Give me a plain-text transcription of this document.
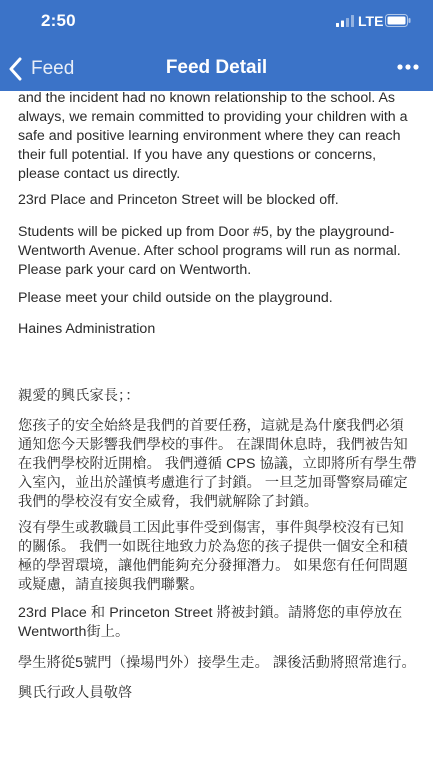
2:50	LTE
Feed	Feed Detail

and the incident had no known relationship to the school. As always, we remain committed to providing your children with a safe and positive learning environment where they can reach their full potential. If you have any questions or concerns, please contact us directly.

23rd Place and Princeton Street will be blocked off.

Students will be picked up from Door #5, by the playground-Wentworth Avenue. After school programs will run as normal. Please park your card on Wentworth.

Please meet your child outside on the playground.

Haines Administration

親愛的興氏家長；：

您孩子的安全始終是我們的首要任務，這就是為什麼我們必須通知您今天影響我們學校的事件。 在課間休息時，我們被告知在我們學校附近開槍。 我們遵循 CPS 協議，立即將所有學生帶入室內，並出於謹慎考慮進行了封鎖。 一旦芝加哥警察局確定我們的學校沒有安全威脅，我們就解除了封鎖。

沒有學生或教職員工因此事件受到傷害，事件與學校沒有已知的關係。 我們一如既往地致力於為您的孩子提供一個安全和積極的學習環境，讓他們能夠充分發揮潛力。 如果您有任何問題或疑慮，請直接與我們聯繫。

23rd Place 和 Princeton Street 將被封鎖。請將您的車停放在Wentworth街上。

學生將從5號門（操場門外）接學生走。 課後活動將照常進行。

興氏行政人員敬啓
